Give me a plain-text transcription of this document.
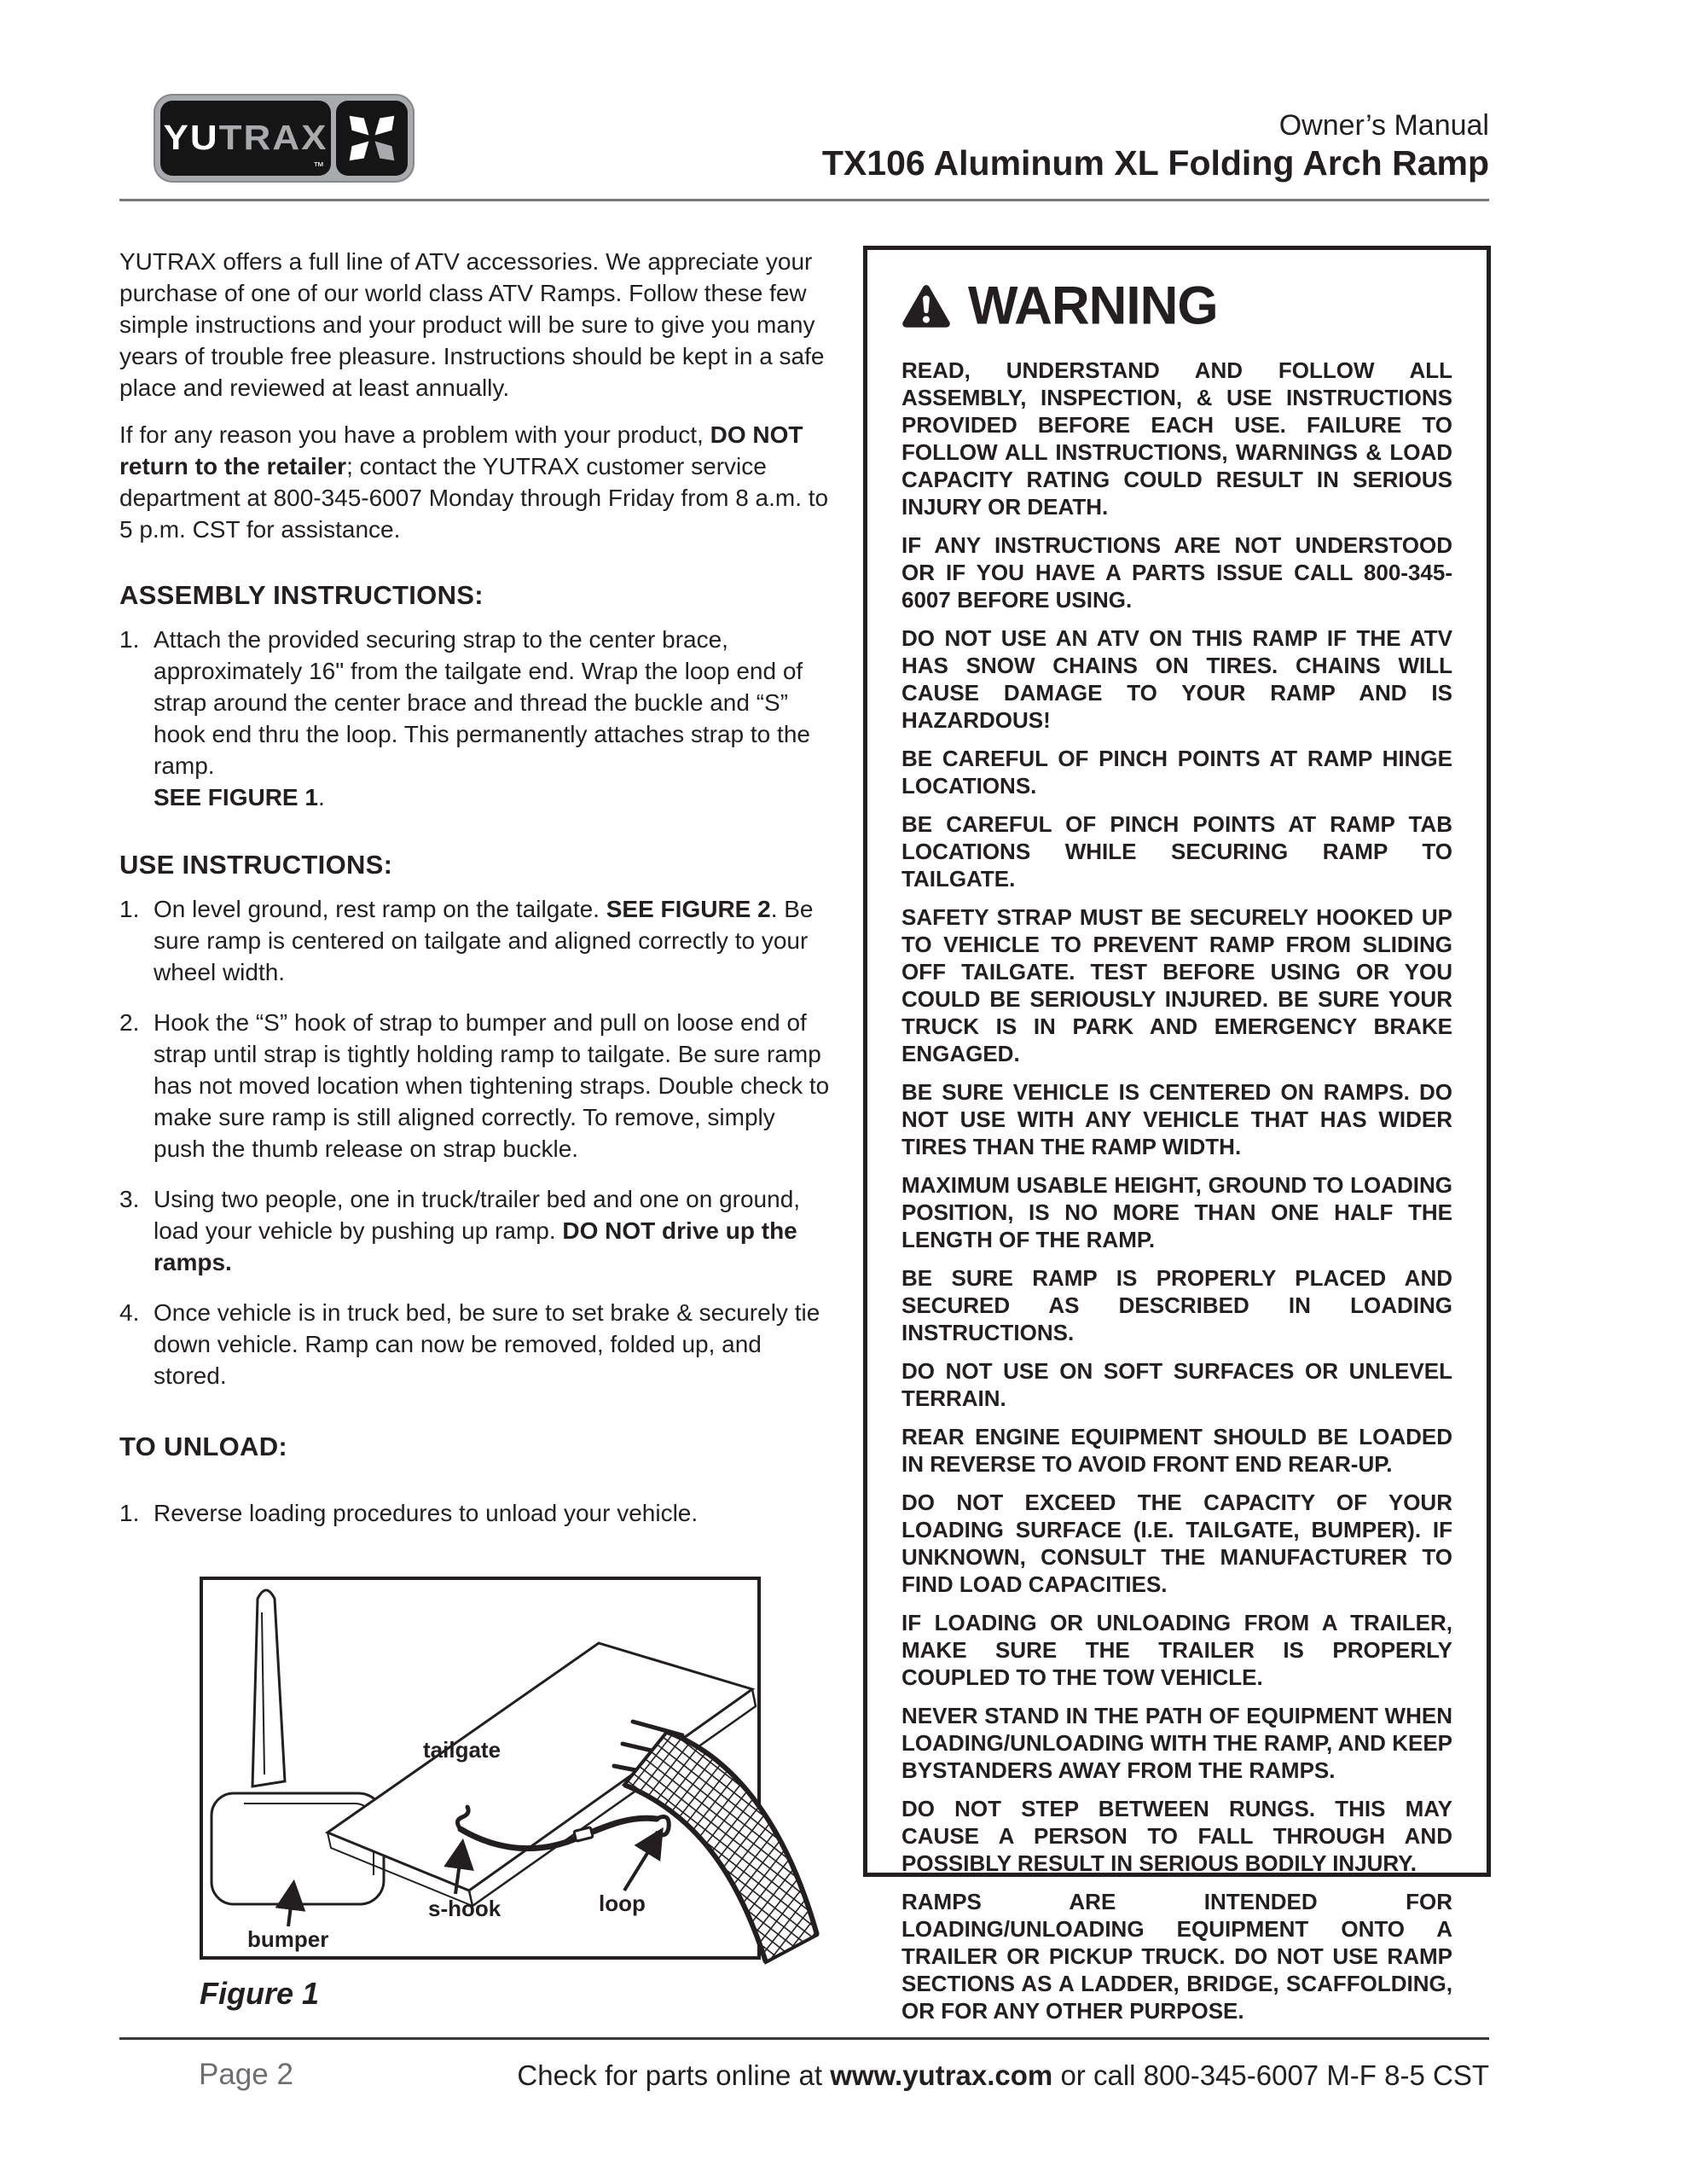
YUTRAX
™
Owner’s Manual
TX106 Aluminum XL Folding Arch Ramp

YUTRAX offers a full line of ATV accessories. We appreciate your purchase of one of our world class ATV Ramps. Follow these few simple instructions and your product will be sure to give you many years of trouble free pleasure. Instructions should be kept in a safe place and reviewed at least annually.

If for any reason you have a problem with your product, DO NOT return to the retailer; contact the YUTRAX customer service department at 800-345-6007 Monday through Friday from 8 a.m. to 5 p.m. CST for assistance.

ASSEMBLY INSTRUCTIONS:
1. Attach the provided securing strap to the center brace, approximately 16" from the tailgate end. Wrap the loop end of strap around the center brace and thread the buckle and “S” hook end thru the loop. This permanently attaches strap to the ramp.
SEE FIGURE 1.
USE INSTRUCTIONS:
1. On level ground, rest ramp on the tailgate. SEE FIGURE 2. Be sure ramp is centered on tailgate and aligned correctly to your wheel width.
2. Hook the “S” hook of strap to bumper and pull on loose end of strap until strap is tightly holding ramp to tailgate. Be sure ramp has not moved location when tightening straps. Double check to make sure ramp is still aligned correctly. To remove, simply push the thumb release on strap buckle.
3. Using two people, one in truck/trailer bed and one on ground, load your vehicle by pushing up ramp. DO NOT drive up the ramps.
4. Once vehicle is in truck bed, be sure to set brake & securely tie down vehicle. Ramp can now be removed, folded up, and stored.
TO UNLOAD:
1. Reverse loading procedures to unload your vehicle.
WARNING

READ, UNDERSTAND AND FOLLOW ALL ASSEMBLY, INSPECTION, & USE INSTRUCTIONS PROVIDED BEFORE EACH USE. FAILURE TO FOLLOW ALL INSTRUCTIONS, WARNINGS & LOAD CAPACITY RATING COULD RESULT IN SERIOUS INJURY OR DEATH.

IF ANY INSTRUCTIONS ARE NOT UNDERSTOOD OR IF YOU HAVE A PARTS ISSUE CALL 800-345-6007 BEFORE USING.

DO NOT USE AN ATV ON THIS RAMP IF THE ATV HAS SNOW CHAINS ON TIRES. CHAINS WILL CAUSE DAMAGE TO YOUR RAMP AND IS HAZARDOUS!

BE CAREFUL OF PINCH POINTS AT RAMP HINGE LOCATIONS.

BE CAREFUL OF PINCH POINTS AT RAMP TAB LOCATIONS WHILE SECURING RAMP TO TAILGATE.

SAFETY STRAP MUST BE SECURELY HOOKED UP TO VEHICLE TO PREVENT RAMP FROM SLIDING OFF TAILGATE. TEST BEFORE USING OR YOU COULD BE SERIOUSLY INJURED. BE SURE YOUR TRUCK IS IN PARK AND EMERGENCY BRAKE ENGAGED.

BE SURE VEHICLE IS CENTERED ON RAMPS. DO NOT USE WITH ANY VEHICLE THAT HAS WIDER TIRES THAN THE RAMP WIDTH.

MAXIMUM USABLE HEIGHT, GROUND TO LOADING POSITION, IS NO MORE THAN ONE HALF THE LENGTH OF THE RAMP.

BE SURE RAMP IS PROPERLY PLACED AND SECURED AS DESCRIBED IN LOADING INSTRUCTIONS.

DO NOT USE ON SOFT SURFACES OR UNLEVEL TERRAIN.

REAR ENGINE EQUIPMENT SHOULD BE LOADED IN REVERSE TO AVOID FRONT END REAR-UP.

DO NOT EXCEED THE CAPACITY OF YOUR LOADING SURFACE (I.E. TAILGATE, BUMPER). IF UNKNOWN, CONSULT THE MANUFACTURER TO FIND LOAD CAPACITIES.

IF LOADING OR UNLOADING FROM A TRAILER, MAKE SURE THE TRAILER IS PROPERLY COUPLED TO THE TOW VEHICLE.

NEVER STAND IN THE PATH OF EQUIPMENT WHEN LOADING/UNLOADING WITH THE RAMP, AND KEEP BYSTANDERS AWAY FROM THE RAMPS.

DO NOT STEP BETWEEN RUNGS. THIS MAY CAUSE A PERSON TO FALL THROUGH AND POSSIBLY RESULT IN SERIOUS BODILY INJURY.

RAMPS ARE INTENDED FOR LOADING/UNLOADING EQUIPMENT ONTO A TRAILER OR PICKUP TRUCK. DO NOT USE RAMP SECTIONS AS A LADDER, BRIDGE, SCAFFOLDING, OR FOR ANY OTHER PURPOSE.

tailgate
s-hook	loop
bumper
Figure 1
Page 2	Check for parts online at www.yutrax.com or call 800-345-6007 M-F 8-5 CST
